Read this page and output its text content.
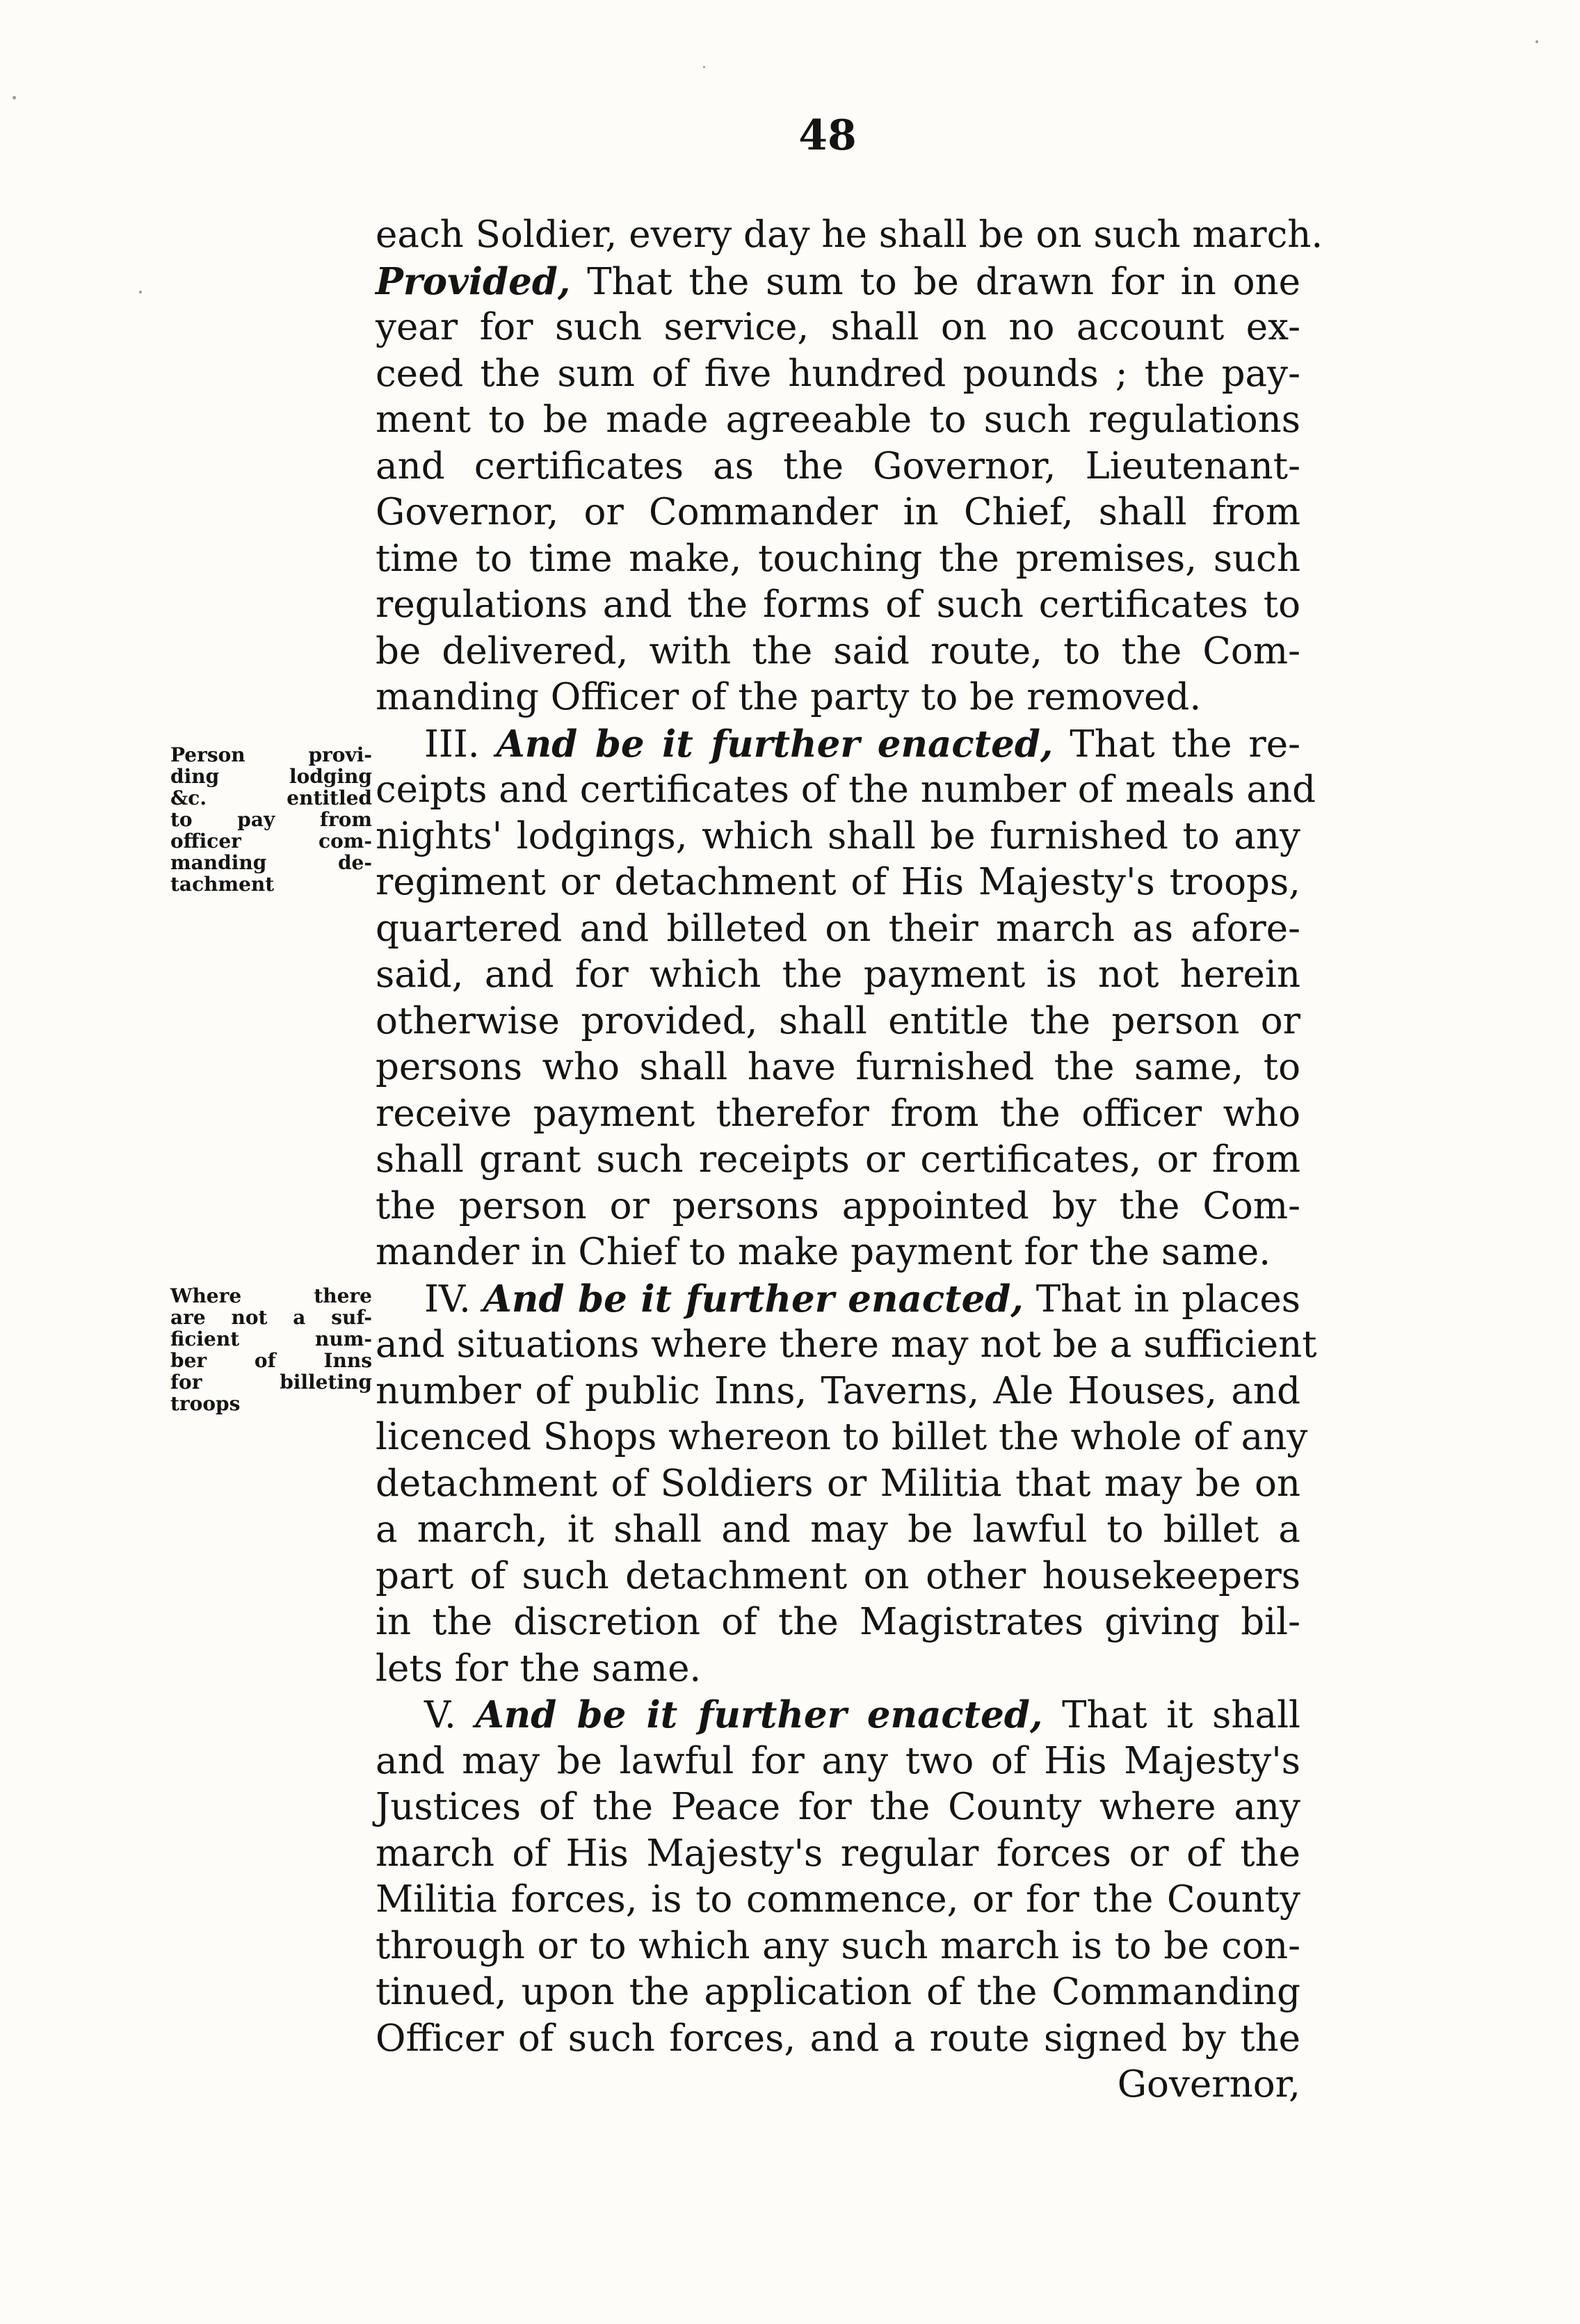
48
each Soldier, every day he shall be on such march.
Provided, That the sum to be drawn for in one
year for such service, shall on no account ex-
ceed the sum of five hundred pounds ; the pay-
ment to be made agreeable to such regulations
and certificates as the Governor, Lieutenant-
Governor, or Commander in Chief, shall from
time to time make, touching the premises, such
regulations and the forms of such certificates to
be delivered, with the said route, to the Com-
manding Officer of the party to be removed.
III. And be it further enacted, That the re-
ceipts and certificates of the number of meals and
nights' lodgings, which shall be furnished to any
regiment or detachment of His Majesty's troops,
quartered and billeted on their march as afore-
said, and for which the payment is not herein
otherwise provided, shall entitle the person or
persons who shall have furnished the same, to
receive payment therefor from the officer who
shall grant such receipts or certificates, or from
the person or persons appointed by the Com-
mander in Chief to make payment for the same.
IV. And be it further enacted, That in places
and situations where there may not be a sufficient
number of public Inns, Taverns, Ale Houses, and
licenced Shops whereon to billet the whole of any
detachment of Soldiers or Militia that may be on
a march, it shall and may be lawful to billet a
part of such detachment on other housekeepers
in the discretion of the Magistrates giving bil-
lets for the same.
V. And be it further enacted, That it shall
and may be lawful for any two of His Majesty's
Justices of the Peace for the County where any
march of His Majesty's regular forces or of the
Militia forces, is to commence, or for the County
through or to which any such march is to be con-
tinued, upon the application of the Commanding
Officer of such forces, and a route signed by the
Governor,
Person provi-
ding lodging
&c. entitled
to pay from
officer com-
manding de-
tachment
Where there
are not a suf-
ficient num-
ber of Inns
for billeting
troops
